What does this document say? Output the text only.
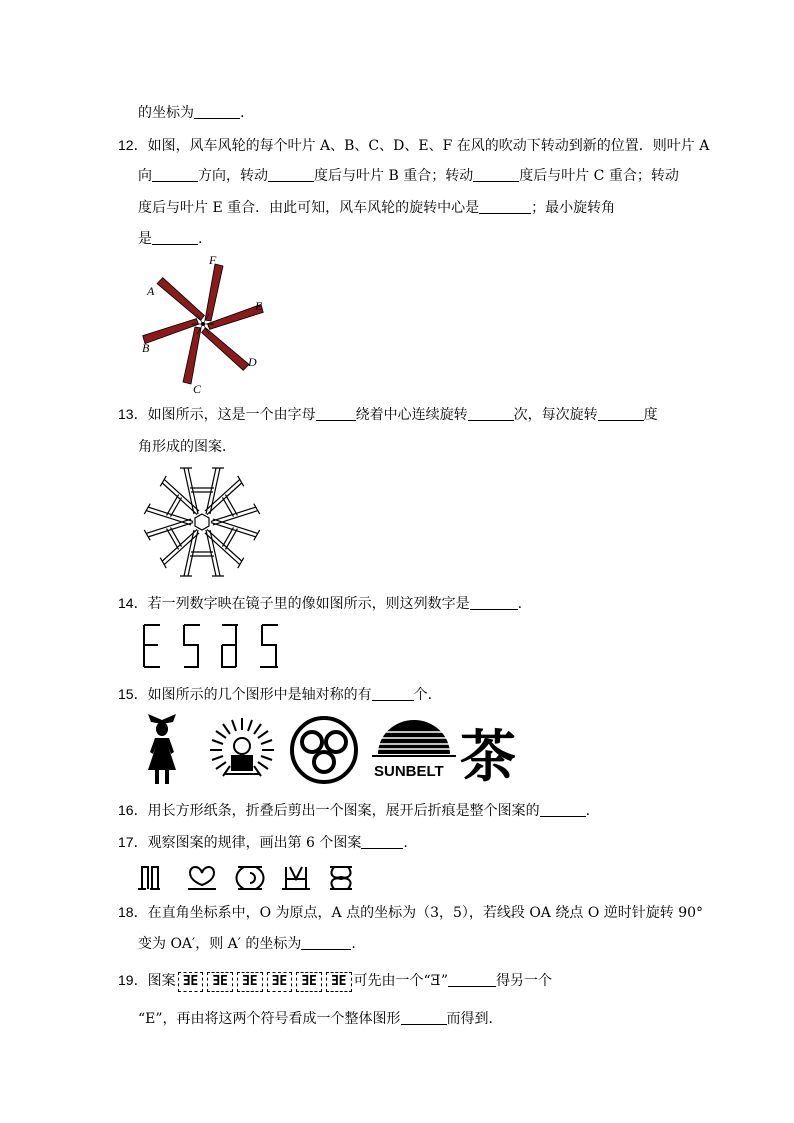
的坐标为	.
12．如图，风车风轮的每个叶片 A、B、C、D、E、F 在风的吹动下转动到新的位置．则叶片 A
向	方向，转动	度后与叶片 B 重合；转动	度后与叶片 C 重合；转动
度后与叶片 E 重合．由此可知，风车风轮的旋转中心是	；最小旋转角
是	.
F
A
E
B
D
C
13．如图所示，这是一个由字母	绕着中心连续旋转	次，每次旋转	度
角形成的图案．
14．若一列数字映在镜子里的像如图所示，则这列数字是	.
15．如图所示的几个图形中是轴对称的有	个．
SUNBELT 茶
16．用长方形纸条，折叠后剪出一个图案，展开后折痕是整个图案的	.
17．观察图案的规律，画出第 6 个图案	.
18．在直角坐标系中，O 为原点，A 点的坐标为（3，5），若线段 OA 绕点 O 逆时针旋转 90°
变为 OA′，则 A′ 的坐标为	.
19．图案 ƎE ƎE ƎE ƎE ƎE ƎE 可先由一个“Ǝ”	得另一个
“E”，再由将这两个符号看成一个整体图形	而得到．
